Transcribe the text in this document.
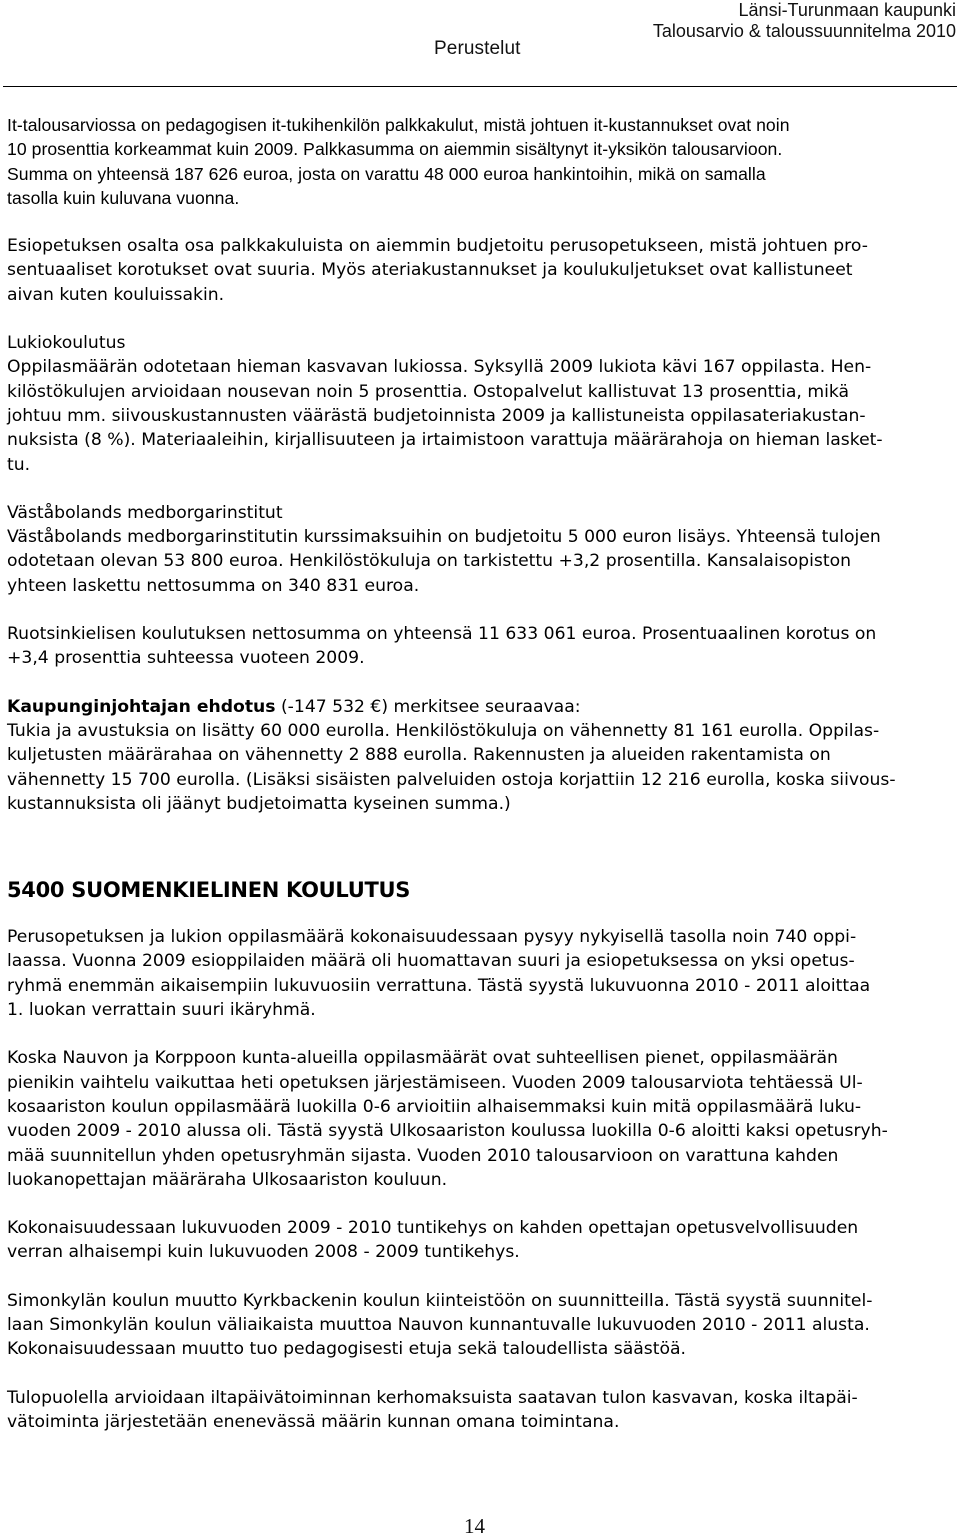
Perustelut
Länsi-Turunmaan kaupunki
Talousarvio & taloussuunnitelma 2010

It-talousarviossa on pedagogisen it-tukihenkilön palkkakulut, mistä johtuen it-kustannukset ovat noin
10 prosenttia korkeammat kuin 2009. Palkkasumma on aiemmin sisältynyt it-yksikön talousarvioon.
Summa on yhteensä 187 626 euroa, josta on varattu 48 000 euroa hankintoihin, mikä on samalla
tasolla kuin kuluvana vuonna.

Esiopetuksen osalta osa palkkakuluista on aiemmin budjetoitu perusopetukseen, mistä johtuen pro-
sentuaaliset korotukset ovat suuria. Myös ateriakustannukset ja koulukuljetukset ovat kallistuneet
aivan kuten kouluissakin.

Lukiokoulutus
Oppilasmäärän odotetaan hieman kasvavan lukiossa. Syksyllä 2009 lukiota kävi 167 oppilasta. Hen-
kilöstökulujen arvioidaan nousevan noin 5 prosenttia. Ostopalvelut kallistuvat 13 prosenttia, mikä
johtuu mm. siivouskustannusten väärästä budjetoinnista 2009 ja kallistuneista oppilasateriakustan-
nuksista (8 %). Materiaaleihin, kirjallisuuteen ja irtaimistoon varattuja määrärahoja on hieman lasket-
tu.

Väståbolands medborgarinstitut
Väståbolands medborgarinstitutin kurssimaksuihin on budjetoitu 5 000 euron lisäys. Yhteensä tulojen
odotetaan olevan 53 800 euroa. Henkilöstökuluja on tarkistettu +3,2 prosentilla. Kansalaisopiston
yhteen laskettu nettosumma on 340 831 euroa.

Ruotsinkielisen koulutuksen nettosumma on yhteensä 11 633 061 euroa. Prosentuaalinen korotus on
+3,4 prosenttia suhteessa vuoteen 2009.

Kaupunginjohtajan ehdotus (-147 532 €) merkitsee seuraavaa:
Tukia ja avustuksia on lisätty 60 000 eurolla. Henkilöstökuluja on vähennetty 81 161 eurolla. Oppilas-
kuljetusten määrärahaa on vähennetty 2 888 eurolla. Rakennusten ja alueiden rakentamista on
vähennetty 15 700 eurolla. (Lisäksi sisäisten palveluiden ostoja korjattiin 12 216 eurolla, koska siivous-
kustannuksista oli jäänyt budjetoimatta kyseinen summa.)

5400 SUOMENKIELINEN KOULUTUS

Perusopetuksen ja lukion oppilasmäärä kokonaisuudessaan pysyy nykyisellä tasolla noin 740 oppi-
laassa. Vuonna 2009 esioppilaiden määrä oli huomattavan suuri ja esiopetuksessa on yksi opetus-
ryhmä enemmän aikaisempiin lukuvuosiin verrattuna. Tästä syystä lukuvuonna 2010 - 2011 aloittaa
1. luokan verrattain suuri ikäryhmä.

Koska Nauvon ja Korppoon kunta-alueilla oppilasmäärät ovat suhteellisen pienet, oppilasmäärän
pienikin vaihtelu vaikuttaa heti opetuksen järjestämiseen. Vuoden 2009 talousarviota tehtäessä Ul-
kosaariston koulun oppilasmäärä luokilla 0-6 arvioitiin alhaisemmaksi kuin mitä oppilasmäärä luku-
vuoden 2009 - 2010 alussa oli. Tästä syystä Ulkosaariston koulussa luokilla 0-6 aloitti kaksi opetusryh-
mää suunnitellun yhden opetusryhmän sijasta. Vuoden 2010 talousarvioon on varattuna kahden
luokanopettajan määräraha Ulkosaariston kouluun.

Kokonaisuudessaan lukuvuoden 2009 - 2010 tuntikehys on kahden opettajan opetusvelvollisuuden
verran alhaisempi kuin lukuvuoden 2008 - 2009 tuntikehys.

Simonkylän koulun muutto Kyrkbackenin koulun kiinteistöön on suunnitteilla. Tästä syystä suunnitel-
laan Simonkylän koulun väliaikaista muuttoa Nauvon kunnantuvalle lukuvuoden 2010 - 2011 alusta.
Kokonaisuudessaan muutto tuo pedagogisesti etuja sekä taloudellista säästöä.

Tulopuolella arvioidaan iltapäivätoiminnan kerhomaksuista saatavan tulon kasvavan, koska iltapäi-
vätoiminta järjestetään enenevässä määrin kunnan omana toimintana.

14
